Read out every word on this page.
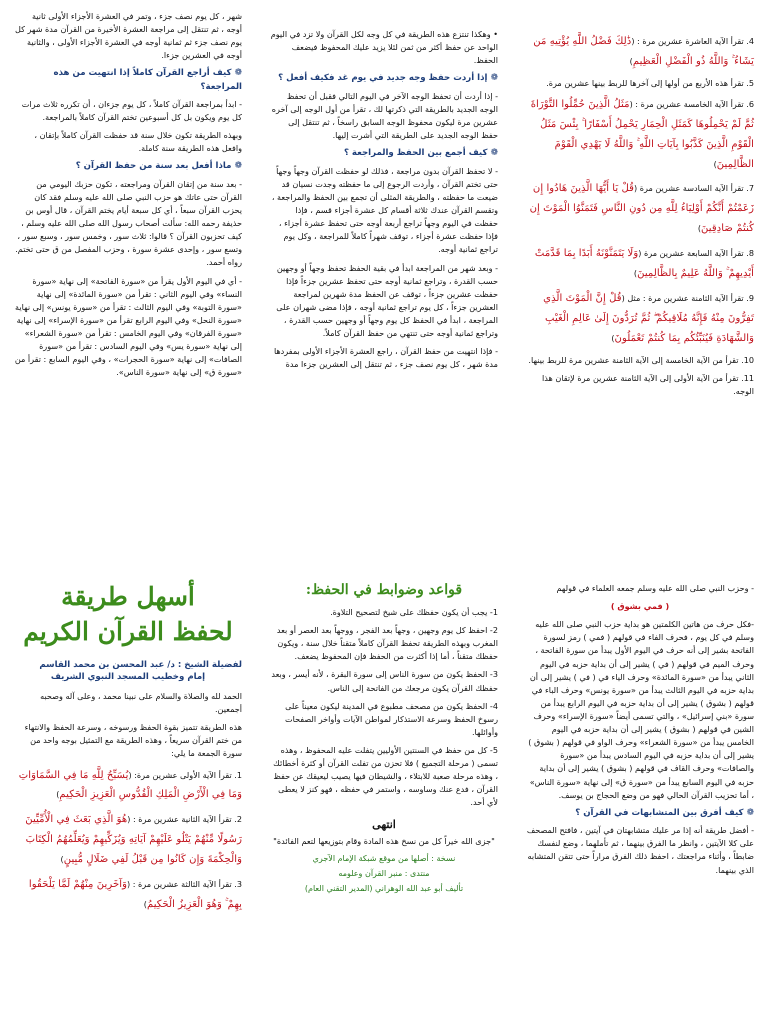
شهر ، كل يوم نصف جزء ، وتمر في العشرة الأجزاء الأولى ثانية أوجه ، ثم تنتقل إلى مراجعة العشرة الأخيرة من القرآن مدة شهر كل يوم نصف جزء ثم ثمانية أوجه في العشرة الأجزاء الأولى ، والثانية أوجه في العشرين جزءا.

❁كيف أراجع القرآن كاملاً إذا انتهيت من هذه المراجعة؟

- ابدأ بمراجعة القرآن كاملاً ، كل يوم جزءان ، أن تكرره ثلاث مرات كل يوم ويكون بل كل أسبوعين تختم القرآن كاملاً بالمراجعة.

وبهذه الطريقة تكون خلال سنة قد حفظت القرآن كاملاً بإتقان ، وافعل هذه الطريقة سنة كاملة.

❁ماذا أفعل بعد سنة من حفظ القرآن ؟

- بعد سنة من إتقان القرآن ومراجعته ، تكون حزبك اليومي من القرآن حتى عاتك هو حزب النبي صلى الله عليه وسلم فقد كان يحزب القرآن سبعاً ، أي كل سبعة أيام يختم القرآن ، قال أوس بن حذيفة رحمه الله: سألت أصحاب رسول الله صلى الله عليه وسلم ، كيف تحزبون القرآن ؟ قالوا: ثلاث سور ، وخمس سور ، وسبع سور ، وتسع سور ، وإحدى عشرة سورة ، وحزب المفصل من ق حتى تختم. رواه أحمد.

- أي في اليوم الأول يقرأ من «سورة الفاتحة» إلى نهاية «سورة النساء» وفي اليوم الثاني : تقرأ من «سورة المائدة» إلى نهاية «سورة التوبة» وفي اليوم الثالث : تقرأ من «سورة يونس» إلى نهاية «سورة النحل» وفي اليوم الرابع تقرأ من «سورة الإسراء» إلى نهاية «سورة الفرقان» وفي اليوم الخامس : تقرأ من «سورة الشعراء» إلى نهاية «سورة يس» وفي اليوم السادس : تقرأ من «سورة الصافات» إلى نهاية «سورة الحجرات» ، وفي اليوم السابع : تقرأ من «سورة ق» إلى نهاية «سورة الناس».

• وهكذا تنتزع هذه الطريقة في كل وجه لكل القرآن ولا تزد في اليوم الواحد عن حفظ أكثر من ثمن لئلا يزيد عليك المحفوظ فيضعف الحفظ.

❁إذا أردت حفظ وجه جديد في يوم غد فكيف أفعل ؟

- إذا أردت أن تحفظ الوجه الآخر في اليوم التالي فقبل أن تحفظ الوجه الجديد بالطريقة التي ذكرتها لك ، تقرأ من أول الوجه إلى آخره عشرين مرة ليكون محفوظ الوجه السابق راسخاً ، ثم تنتقل إلى حفظ الوجه الجديد على الطريقة التي أشرت إليها.

❁كيف أجمع بين الحفظ والمراجعة ؟

- لا تحفظ القرآن بدون مراجعة ، فذلك لو حفظت القرآن وجهاً وجهاً حتى تختم القرآن ، وأردت الرجوع إلى ما حفظته وجدت نسيان قد ضيعت ما حفظته ، والطريقة المثلى أن تجمع بين الحفظ والمراجعة ، وتقسم القرآن عندك ثلاثة أقسام كل عشرة أجزاء قسم ، فإذا حفظت في اليوم وجهاً تراجع أربعة أوجه حتى تحفظ عشرة أجزاء ، فإذا حفظت عشرة أجزاء ، توقف شهراً كاملاً للمراجعة ، وكل يوم تراجع ثمانية أوجه.

- وبعد شهر من المراجعة ابدأ في بقية الحفظ تحفظ وجهاً أو وجهين حسب القدرة ، وتراجع ثمانية أوجه حتى تحفظ عشرين جزءاً فإذا حفظت عشرين جزءاً ، توقف عن الحفظ مدة شهرين لمراجعة العشرين جزءاً ، كل يوم تراجع ثمانية أوجه ، فإذا مضى شهران على المراجعة ، ابدأ في الحفظ كل يوم وجهاً أو وجهين حسب القدرة ، وتراجع ثمانية أوجه حتى تنتهي من حفظ القرآن كاملاً.

- فإذا انتهيت من حفظ القرآن ، راجع العشرة الأجزاء الأولى بمفردها مدة شهر ، كل يوم نصف جزء ، ثم تنتقل إلى العشرين جزءا مدة

4. تقرأ الآية العاشرة عشرين مرة : (ذَٰلِكَ فَضْلُ اللَّهِ يُؤْتِيهِ مَن يَشَاءُ ۚ وَاللَّهُ ذُو الْفَضْلِ الْعَظِيمِ)

5. تقرأ هذه الأربع من أولها إلى آخرها للربط بينها عشرين مرة.

6. تقرأ الآية الخامسة عشرين مرة : (مَثَلُ الَّذِينَ حُمِّلُوا التَّوْرَاةَ ثُمَّ لَمْ يَحْمِلُوهَا كَمَثَلِ الْحِمَارِ يَحْمِلُ أَسْفَارًا ۚ بِئْسَ مَثَلُ الْقَوْمِ الَّذِينَ كَذَّبُوا بِآيَاتِ اللَّهِ ۚ وَاللَّهُ لَا يَهْدِي الْقَوْمَ الظَّالِمِينَ)

7. تقرأ الآية السادسة عشرين مرة (قُلْ يَا أَيُّهَا الَّذِينَ هَادُوا إِن زَعَمْتُمْ أَنَّكُمْ أَوْلِيَاءُ لِلَّهِ مِن دُونِ النَّاسِ فَتَمَنَّوُا الْمَوْتَ إِن كُنتُمْ صَادِقِينَ)

8. تقرأ الآية السابعة عشرين مرة (وَلَا يَتَمَنَّوْنَهُ أَبَدًا بِمَا قَدَّمَتْ أَيْدِيهِمْ ۚ وَاللَّهُ عَلِيمٌ بِالظَّالِمِينَ)

9. تقرأ الآية الثامنة عشرين مرة : مثل (قُلْ إِنَّ الْمَوْتَ الَّذِي تَفِرُّونَ مِنْهُ فَإِنَّهُ مُلَاقِيكُمْ ۖ ثُمَّ تُرَدُّونَ إِلَىٰ عَالِمِ الْغَيْبِ وَالشَّهَادَةِ فَيُنَبِّئُكُم بِمَا كُنتُمْ تَعْمَلُونَ)

10. تقرأ من الآية الخامسة إلى الآية الثامنة عشرين مرة للربط بينها.

11. تقرأ من الآية الأولى إلى الآية الثامنة عشرين مرة لإتقان هذا الوجه.

أسهل طريقة
لحفظ القرآن الكريم
لفضيلة الشيخ : د/ عبد المحسن بن محمد القاسم
إمام وخطيب المسجد النبوي الشريف

الحمد لله والصلاة والسلام على نبينا محمد ، وعلى آله وصحبه أجمعين.

هذه الطريقة تتميز بقوة الحفظ ورسوخه ، وسرعة الحفظ والانتهاء من ختم القرآن سريعاً ، وهذه الطريقة مع التمثيل بوجه واحد من سورة الجمعة ما يلي:

1. تقرأ الآية الأولى عشرين مرة: (يُسَبِّحُ لِلَّهِ مَا فِي السَّمَاوَاتِ وَمَا فِي الْأَرْضِ الْمَلِكِ الْقُدُّوسِ الْعَزِيزِ الْحَكِيمِ)

2. تقرأ الآية الثانية عشرين مرة : (هُوَ الَّذِي بَعَثَ فِي الْأُمِّيِّينَ رَسُولًا مِّنْهُمْ يَتْلُو عَلَيْهِمْ آيَاتِهِ وَيُزَكِّيهِمْ وَيُعَلِّمُهُمُ الْكِتَابَ وَالْحِكْمَةَ وَإِن كَانُوا مِن قَبْلُ لَفِي ضَلَالٍ مُّبِينٍ)

3. تقرأ الآية الثالثة عشرين مرة : (وَآخَرِينَ مِنْهُمْ لَمَّا يَلْحَقُوا بِهِمْ ۚ وَهُوَ الْعَزِيزُ الْحَكِيمُ)

قواعد وضوابط في الحفظ:

1- يجب أن يكون حفظك على شيخ لتصحيح التلاوة.

2- احفظ كل يوم وجهين ، وجهاً بعد الفجر ، ووجهاً بعد العصر أو بعد المغرب وبهذه الطريقة تحفظ القرآن كاملاً متقناً خلال سنة ، ويكون حفظك متقناً ، أما إذا أكثرت من الحفظ فإن المحفوظ يضعف.

3- الحفظ يكون من سورة الناس إلى سورة البقرة ، لأنه أيسر ، وبعد حفظك القرآن يكون مرجعك من الفاتحة إلى الناس.

4- الحفظ يكون من مصحف مطبوع في المدينة ليكون معيناً على رسوخ الحفظ وسرعة الاستذكار لمواطن الآيات وأواخر الصفحات وأوائلها.

5- كل من حفظ في السنتين الأوليين يتفلت عليه المحفوظ ، وهذه تسمى ( مرحلة التجميع ) فلا تحزن من تفلت القرآن أو كثرة أخطائك ، وهذه مرحلة صعبة للابتلاء ، والشيطان فيها يصيب ليعيقك عن حفظ القرآن ، فدع عنك وساوسه ، واستمر في حفظه ، فهو كنز لا يعطى لأي أحد.

انتهى

"جزى الله خيراً كل من نسخ هذه المادة وقام بتوزيعها لتعم الفائدة"

نسخة : أصلها من موقع شبكة الإمام الآجري
منتدى : منبر القرآن وعلومه
تأليف أبو عبد الله الوهراني (المدير التقني العام)

- وحزب النبي صلى الله عليه وسلم جمعه العلماء في قولهم

( فمي بشوق )

-فكل حرف من هاتين الكلمتين هو بداية حزب النبي صلى الله عليه وسلم في كل يوم ، فحرف الفاء في قولهم ( فمي ) رمز لسورة الفاتحة بشير إلى أنه حرف في اليوم الأول يبدأ من سورة الفاتحة ، وحرف الميم في قولهم ( في ) يشير إلى أن بداية حزبه في اليوم الثاني يبدأ من «سورة المائدة» وحرف الياء في ( في ) يشير إلى أن بداية حزبه في اليوم الثالث يبدأ من «سورة يونس» وحرف الباء في قولهم ( بشوق ) يشير إلى أن بداية حزبه في اليوم الرابع يبدأ من سورة «بني إسرائيل» ، والتي تسمى أيضاً «سورة الإسراء» وحرف الشين في قولهم ( بشوق ) يشير إلى أن بداية حزبه في اليوم الخامس يبدأ من «سورة الشعراء» وحرف الواو في قولهم ( بشوق ) يشير إلى أن بداية حزبه في اليوم السادس يبدأ من «سورة والصافات» وحرف القاف في قولهم ( بشوق ) يشير إلى أن بداية حزبه في اليوم السابع يبدأ من «سورة ق» إلى نهاية «سورة الناس» ، أما تحزيب القرآن الحالي فهو من وضع الحجاج بن يوسف.

❁كيف أفرق بين المتشابهات في القرآن ؟

- أفضل طريقة أنه إذا مر عليك متشابهتان في آيتين ، فافتح المصحف على كلا الآيتين ، وانظر ما الفرق بينهما ، ثم تأملهما ، وضع لنفسك ضابطاً ، وأثناء مراجعتك ، احفظ ذلك الفرق مراراً حتى تتقن المتشابه الذي بينهما.
